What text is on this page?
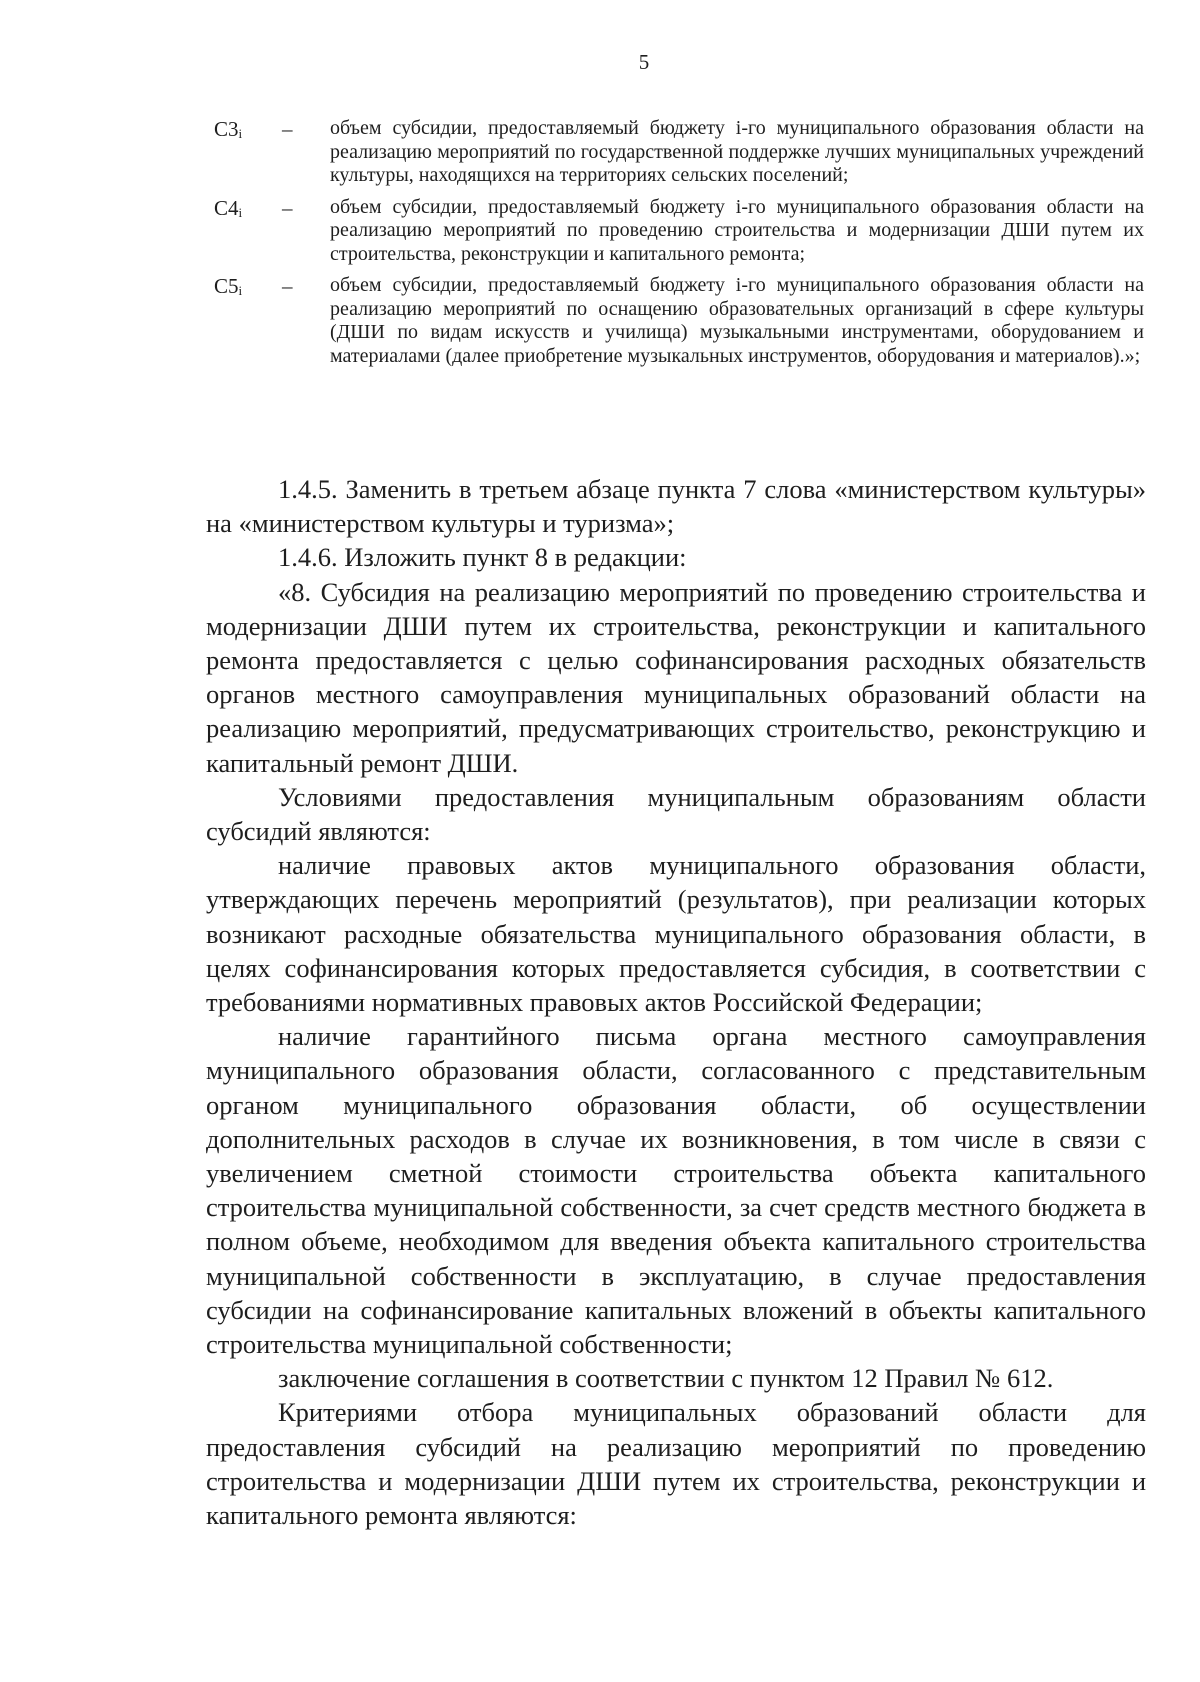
5
$C3_i$	–	объем субсидии, предоставляемый бюджету i-го муниципального образования области на реализацию мероприятий по государственной поддержке лучших муниципальных учреждений культуры, находящихся на территориях сельских поселений;
$C4_i$	–	объем субсидии, предоставляемый бюджету i-го муниципального образования области на реализацию мероприятий по проведению строительства и модернизации ДШИ путем их строительства, реконструкции и капитального ремонта;
$C5_i$	–	объем субсидии, предоставляемый бюджету i-го муниципального образования области на реализацию мероприятий по оснащению образовательных организаций в сфере культуры (ДШИ по видам искусств и училища) музыкальными инструментами, оборудованием и материалами (далее приобретение музыкальных инструментов, оборудования и материалов).»;

1.4.5. Заменить в третьем абзаце пункта 7 слова «министерством культуры» на «министерством культуры и туризма»;

1.4.6. Изложить пункт 8 в редакции:

«8. Субсидия на реализацию мероприятий по проведению строительства и модернизации ДШИ путем их строительства, реконструкции и капитального ремонта предоставляется с целью софинансирования расходных обязательств органов местного самоуправления муниципальных образований области на реализацию мероприятий, предусматривающих строительство, реконструкцию и капитальный ремонт ДШИ.

Условиями предоставления муниципальным образованиям области субсидий являются:

наличие правовых актов муниципального образования области, утверждающих перечень мероприятий (результатов), при реализации которых возникают расходные обязательства муниципального образования области, в целях софинансирования которых предоставляется субсидия, в соответствии с требованиями нормативных правовых актов Российской Федерации;

наличие гарантийного письма органа местного самоуправления муниципального образования области, согласованного с представительным органом муниципального образования области, об осуществлении дополнительных расходов в случае их возникновения, в том числе в связи с увеличением сметной стоимости строительства объекта капитального строительства муниципальной собственности, за счет средств местного бюджета в полном объеме, необходимом для введения объекта капитального строительства муниципальной собственности в эксплуатацию, в случае предоставления субсидии на софинансирование капитальных вложений в объекты капитального строительства муниципальной собственности;

заключение соглашения в соответствии с пунктом 12 Правил № 612.

Критериями отбора муниципальных образований области для предоставления субсидий на реализацию мероприятий по проведению строительства и модернизации ДШИ путем их строительства, реконструкции и капитального ремонта являются:
